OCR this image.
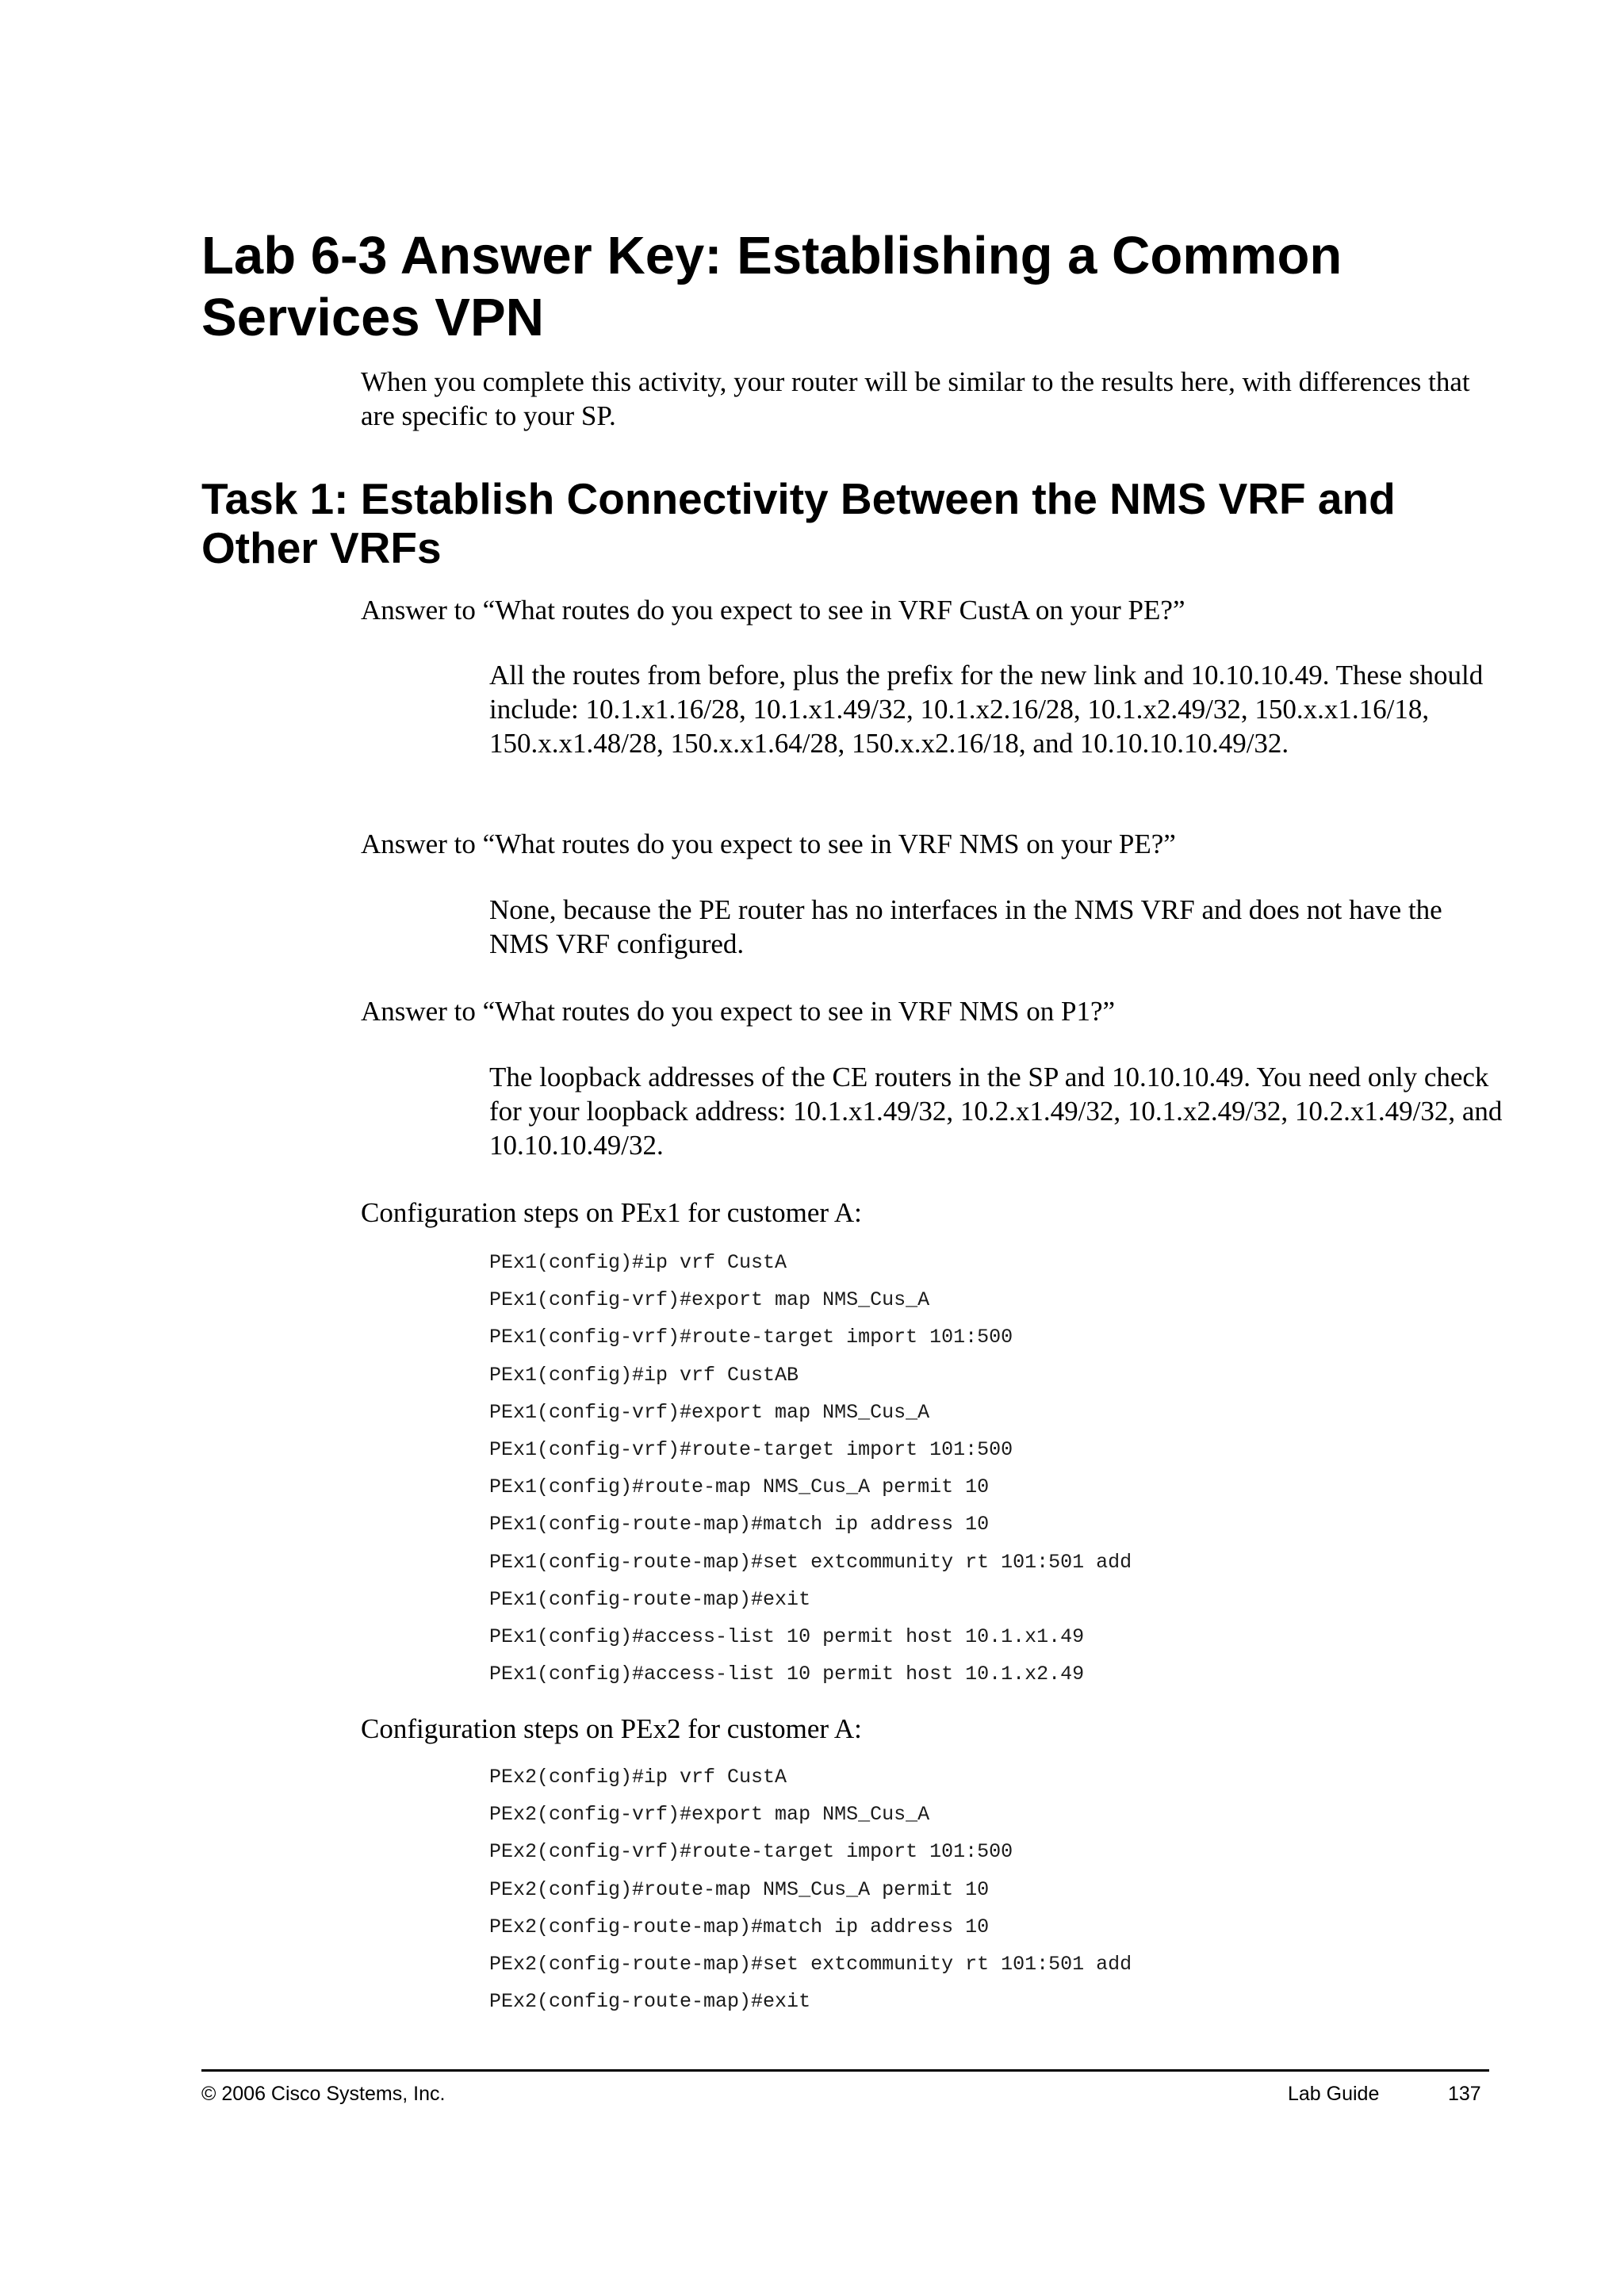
Lab 6-3 Answer Key: Establishing a Common Services VPN

When you complete this activity, your router will be similar to the results here, with differences that are specific to your SP.

Task 1: Establish Connectivity Between the NMS VRF and Other VRFs

Answer to “What routes do you expect to see in VRF CustA on your PE?”

All the routes from before, plus the prefix for the new link and 10.10.10.49. These should include: 10.1.x1.16/28, 10.1.x1.49/32, 10.1.x2.16/28, 10.1.x2.49/32, 150.x.x1.16/18, 150.x.x1.48/28, 150.x.x1.64/28, 150.x.x2.16/18, and 10.10.10.10.49/32.

Answer to “What routes do you expect to see in VRF NMS on your PE?”

None, because the PE router has no interfaces in the NMS VRF and does not have the NMS VRF configured.

Answer to “What routes do you expect to see in VRF NMS on P1?”

The loopback addresses of the CE routers in the SP and 10.10.10.49. You need only check for your loopback address: 10.1.x1.49/32, 10.2.x1.49/32, 10.1.x2.49/32, 10.2.x1.49/32, and 10.10.10.49/32.

Configuration steps on PEx1 for customer A:

PEx1(config)#ip vrf CustA
PEx1(config-vrf)#export map NMS_Cus_A
PEx1(config-vrf)#route-target import 101:500
PEx1(config)#ip vrf CustAB
PEx1(config-vrf)#export map NMS_Cus_A
PEx1(config-vrf)#route-target import 101:500
PEx1(config)#route-map NMS_Cus_A permit 10
PEx1(config-route-map)#match ip address 10
PEx1(config-route-map)#set extcommunity rt 101:501 add
PEx1(config-route-map)#exit
PEx1(config)#access-list 10 permit host 10.1.x1.49
PEx1(config)#access-list 10 permit host 10.1.x2.49

Configuration steps on PEx2 for customer A:

PEx2(config)#ip vrf CustA
PEx2(config-vrf)#export map NMS_Cus_A
PEx2(config-vrf)#route-target import 101:500
PEx2(config)#route-map NMS_Cus_A permit 10
PEx2(config-route-map)#match ip address 10
PEx2(config-route-map)#set extcommunity rt 101:501 add
PEx2(config-route-map)#exit
© 2006 Cisco Systems, Inc.	Lab Guide	137
